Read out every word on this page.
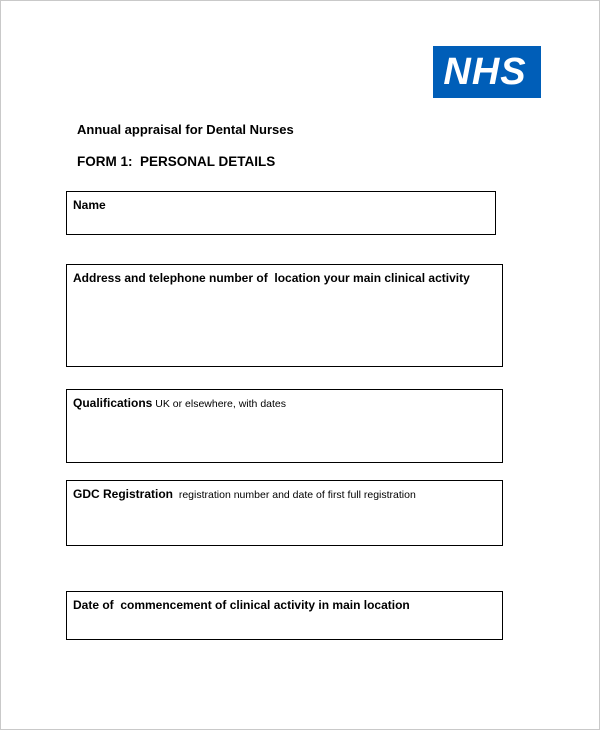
NHS
Annual appraisal for Dental Nurses
FORM 1:  PERSONAL DETAILS
Name
Address and telephone number of  location your main clinical activity
Qualifications UK or elsewhere, with dates
GDC Registration  registration number and date of first full registration
Date of  commencement of clinical activity in main location
